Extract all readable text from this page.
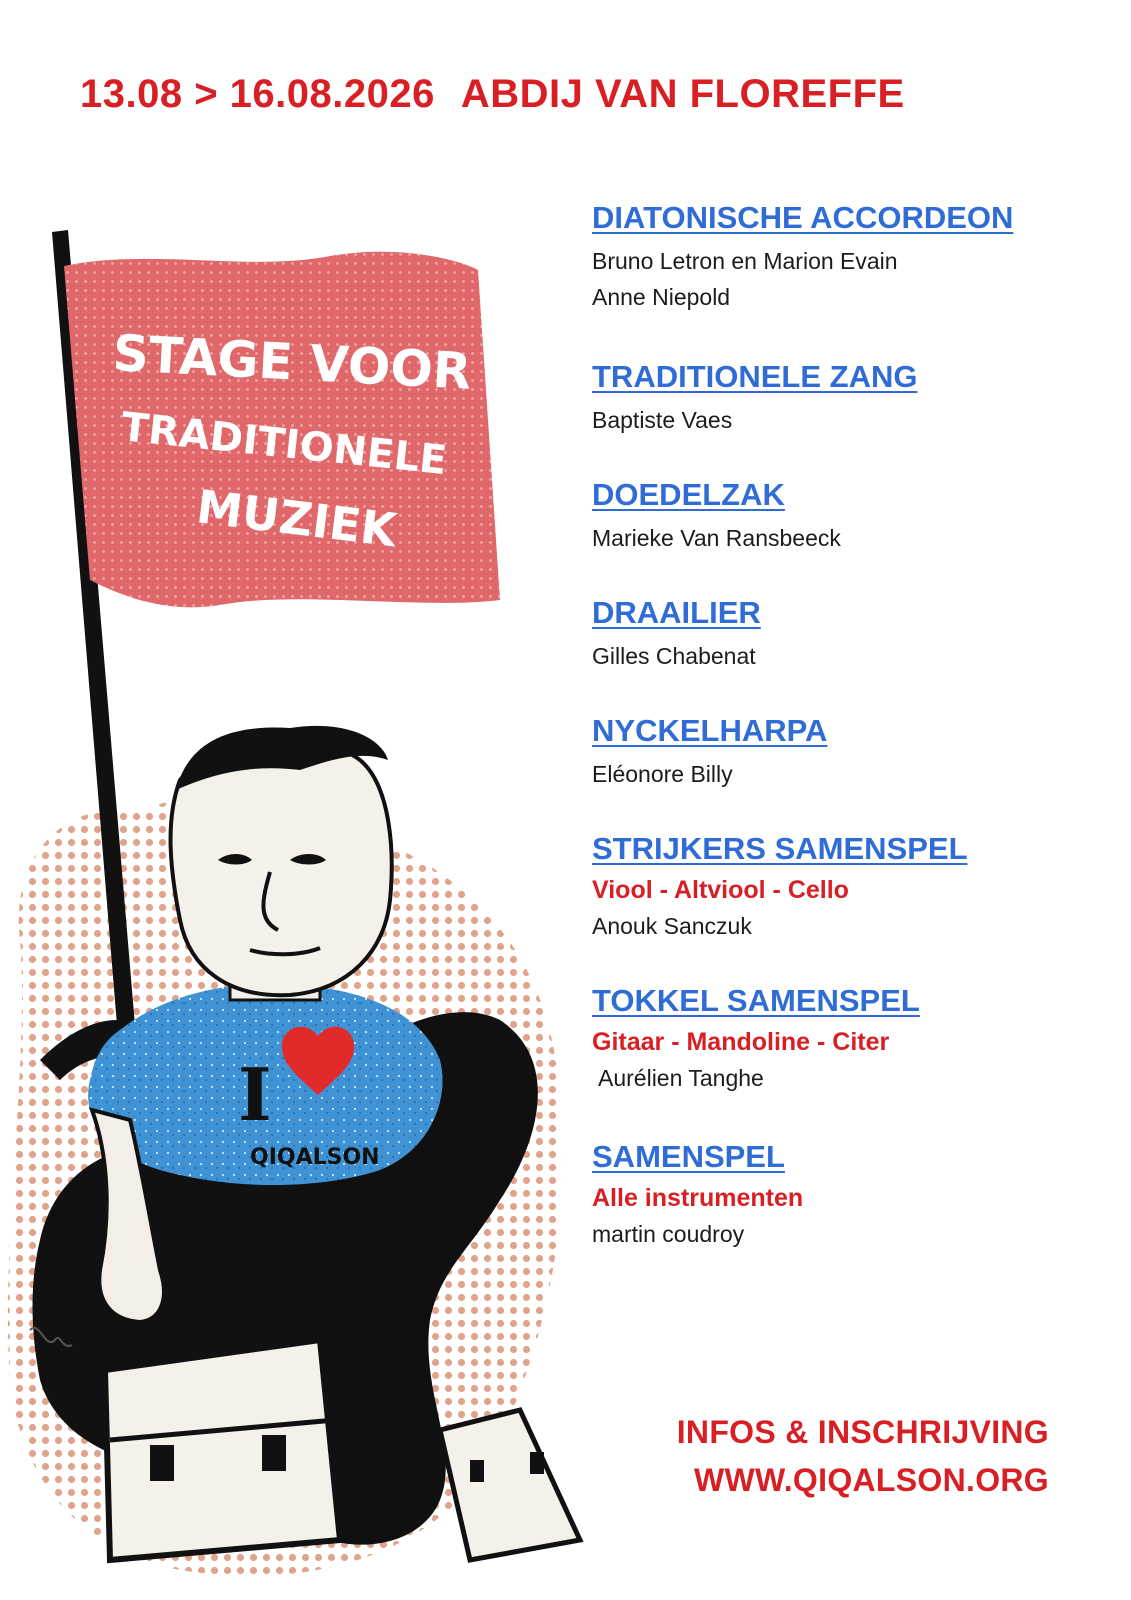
13.08 > 16.08.2026 ABDIJ VAN FLOREFFE
STAGE VOOR
TRADITIONELE
MUZIEK
I
QIQALSON
DIATONISCHE ACCORDEON
Bruno Letron en Marion Evain
Anne Niepold
TRADITIONELE ZANG
Baptiste Vaes
DOEDELZAK
Marieke Van Ransbeeck
DRAAILIER
Gilles Chabenat
NYCKELHARPA
Eléonore Billy
STRIJKERS SAMENSPEL
Viool - Altviool - Cello
Anouk Sanczuk
TOKKEL SAMENSPEL
Gitaar - Mandoline - Citer
Aurélien Tanghe
SAMENSPEL
Alle instrumenten
martin coudroy
INFOS & INSCHRIJVING
WWW.QIQALSON.ORG
